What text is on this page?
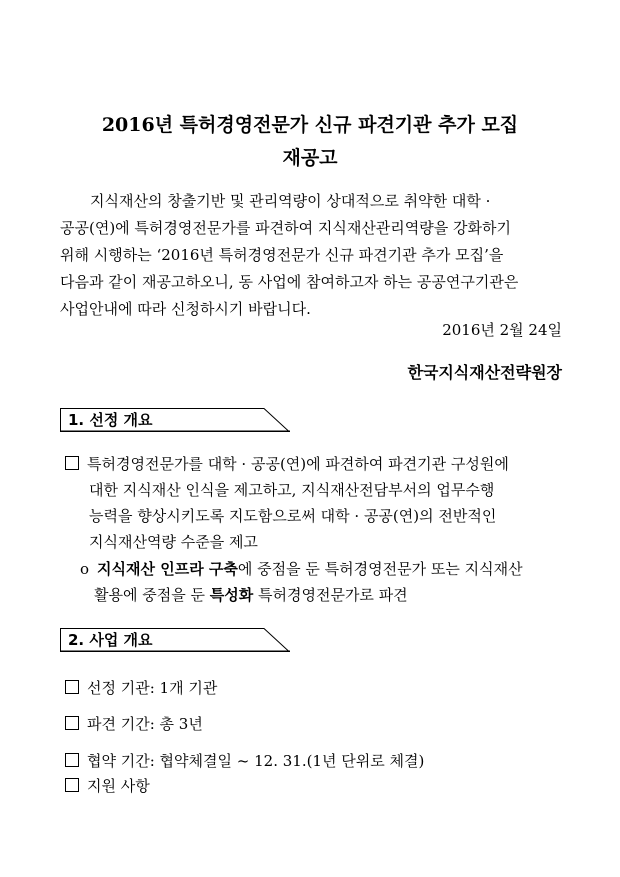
2016년 특허경영전문가 신규 파견기관 추가 모집
재공고
지식재산의 창출기반 및 관리역량이 상대적으로 취약한 대학 ·
공공(연)에 특허경영전문가를 파견하여 지식재산관리역량을 강화하기
위해 시행하는 ‘2016년 특허경영전문가 신규 파견기관 추가 모집’을
다음과 같이 재공고하오니, 동 사업에 참여하고자 하는 공공연구기관은
사업안내에 따라 신청하시기 바랍니다.
2016년 2월 24일
한국지식재산전략원장
1. 선정 개요
특허경영전문가를 대학 · 공공(연)에 파견하여 파견기관 구성원에
대한 지식재산 인식을 제고하고, 지식재산전담부서의 업무수행
능력을 향상시키도록 지도함으로써 대학 · 공공(연)의 전반적인
지식재산역량 수준을 제고
o 지식재산 인프라 구축에 중점을 둔 특허경영전문가 또는 지식재산
활용에 중점을 둔 특성화 특허경영전문가로 파견
2. 사업 개요
선정 기관: 1개 기관
파견 기간: 총 3년
협약 기간: 협약체결일 ~ 12. 31.(1년 단위로 체결)
지원 사항
